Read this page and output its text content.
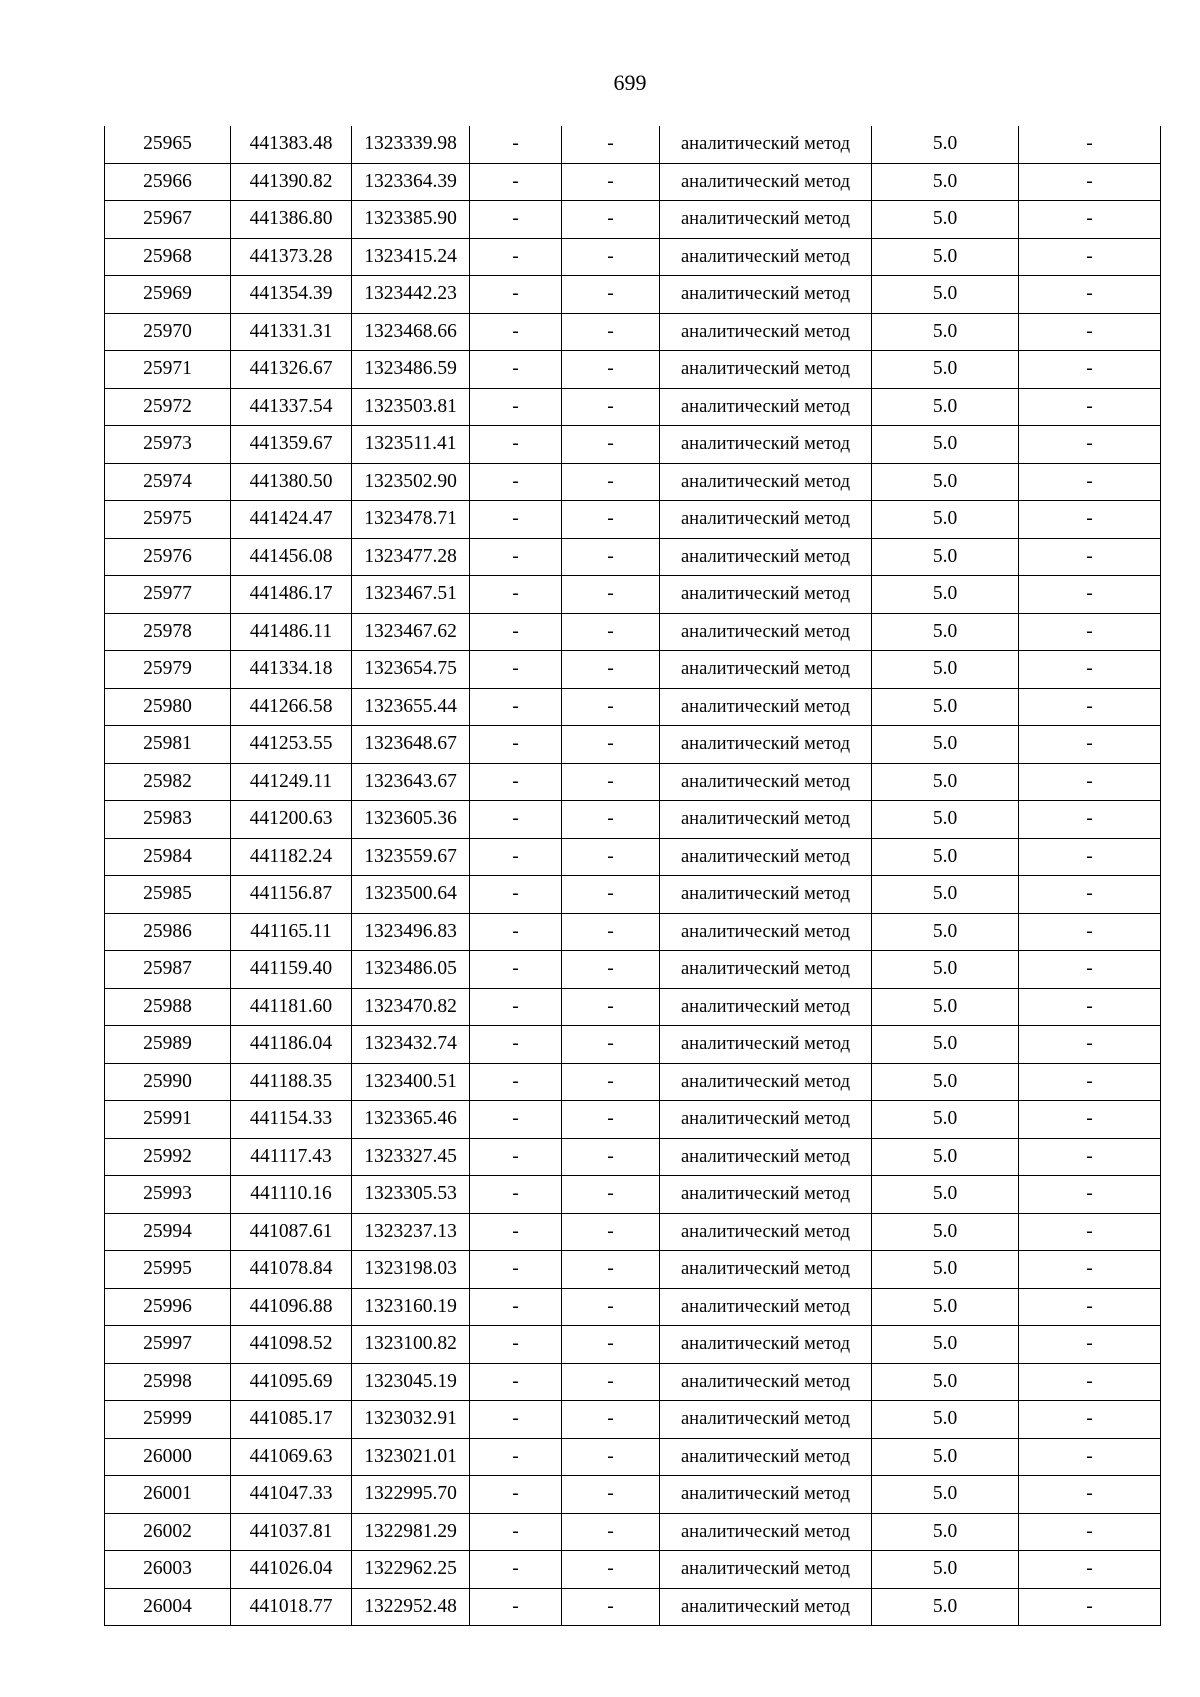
699
25965	441383.48	1323339.98	-	-	аналитический метод	5.0	-
25966	441390.82	1323364.39	-	-	аналитический метод	5.0	-
25967	441386.80	1323385.90	-	-	аналитический метод	5.0	-
25968	441373.28	1323415.24	-	-	аналитический метод	5.0	-
25969	441354.39	1323442.23	-	-	аналитический метод	5.0	-
25970	441331.31	1323468.66	-	-	аналитический метод	5.0	-
25971	441326.67	1323486.59	-	-	аналитический метод	5.0	-
25972	441337.54	1323503.81	-	-	аналитический метод	5.0	-
25973	441359.67	1323511.41	-	-	аналитический метод	5.0	-
25974	441380.50	1323502.90	-	-	аналитический метод	5.0	-
25975	441424.47	1323478.71	-	-	аналитический метод	5.0	-
25976	441456.08	1323477.28	-	-	аналитический метод	5.0	-
25977	441486.17	1323467.51	-	-	аналитический метод	5.0	-
25978	441486.11	1323467.62	-	-	аналитический метод	5.0	-
25979	441334.18	1323654.75	-	-	аналитический метод	5.0	-
25980	441266.58	1323655.44	-	-	аналитический метод	5.0	-
25981	441253.55	1323648.67	-	-	аналитический метод	5.0	-
25982	441249.11	1323643.67	-	-	аналитический метод	5.0	-
25983	441200.63	1323605.36	-	-	аналитический метод	5.0	-
25984	441182.24	1323559.67	-	-	аналитический метод	5.0	-
25985	441156.87	1323500.64	-	-	аналитический метод	5.0	-
25986	441165.11	1323496.83	-	-	аналитический метод	5.0	-
25987	441159.40	1323486.05	-	-	аналитический метод	5.0	-
25988	441181.60	1323470.82	-	-	аналитический метод	5.0	-
25989	441186.04	1323432.74	-	-	аналитический метод	5.0	-
25990	441188.35	1323400.51	-	-	аналитический метод	5.0	-
25991	441154.33	1323365.46	-	-	аналитический метод	5.0	-
25992	441117.43	1323327.45	-	-	аналитический метод	5.0	-
25993	441110.16	1323305.53	-	-	аналитический метод	5.0	-
25994	441087.61	1323237.13	-	-	аналитический метод	5.0	-
25995	441078.84	1323198.03	-	-	аналитический метод	5.0	-
25996	441096.88	1323160.19	-	-	аналитический метод	5.0	-
25997	441098.52	1323100.82	-	-	аналитический метод	5.0	-
25998	441095.69	1323045.19	-	-	аналитический метод	5.0	-
25999	441085.17	1323032.91	-	-	аналитический метод	5.0	-
26000	441069.63	1323021.01	-	-	аналитический метод	5.0	-
26001	441047.33	1322995.70	-	-	аналитический метод	5.0	-
26002	441037.81	1322981.29	-	-	аналитический метод	5.0	-
26003	441026.04	1322962.25	-	-	аналитический метод	5.0	-
26004	441018.77	1322952.48	-	-	аналитический метод	5.0	-
